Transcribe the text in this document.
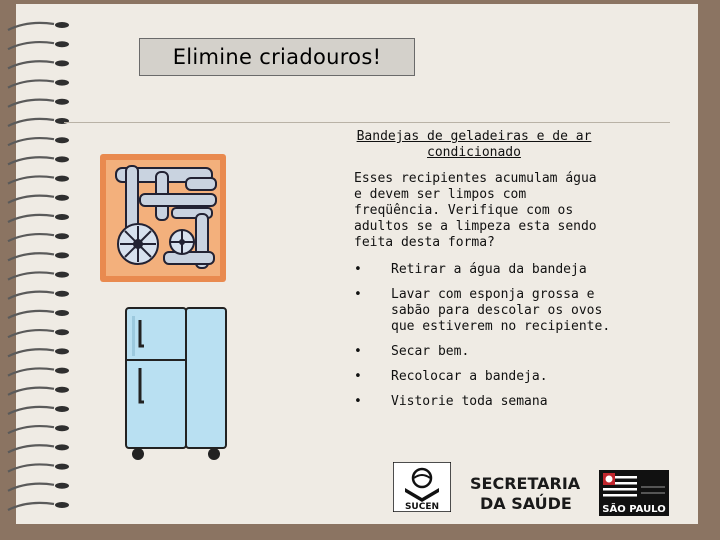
Elimine criadouros!
Bandejas de geladeiras e de ar condicionado
Esses recipientes acumulam água e devem ser limpos com freqüência. Verifique com os adultos se a limpeza esta sendo feita desta forma?
• Retirar a água da bandeja
• Lavar com esponja grossa e sabão para descolar os ovos que estiverem no recipiente.
• Secar bem.
• Recolocar a bandeja.
• Vistorie toda semana
SUCEN
SECRETARIA
DA SAÚDE	SÃO PAULO
